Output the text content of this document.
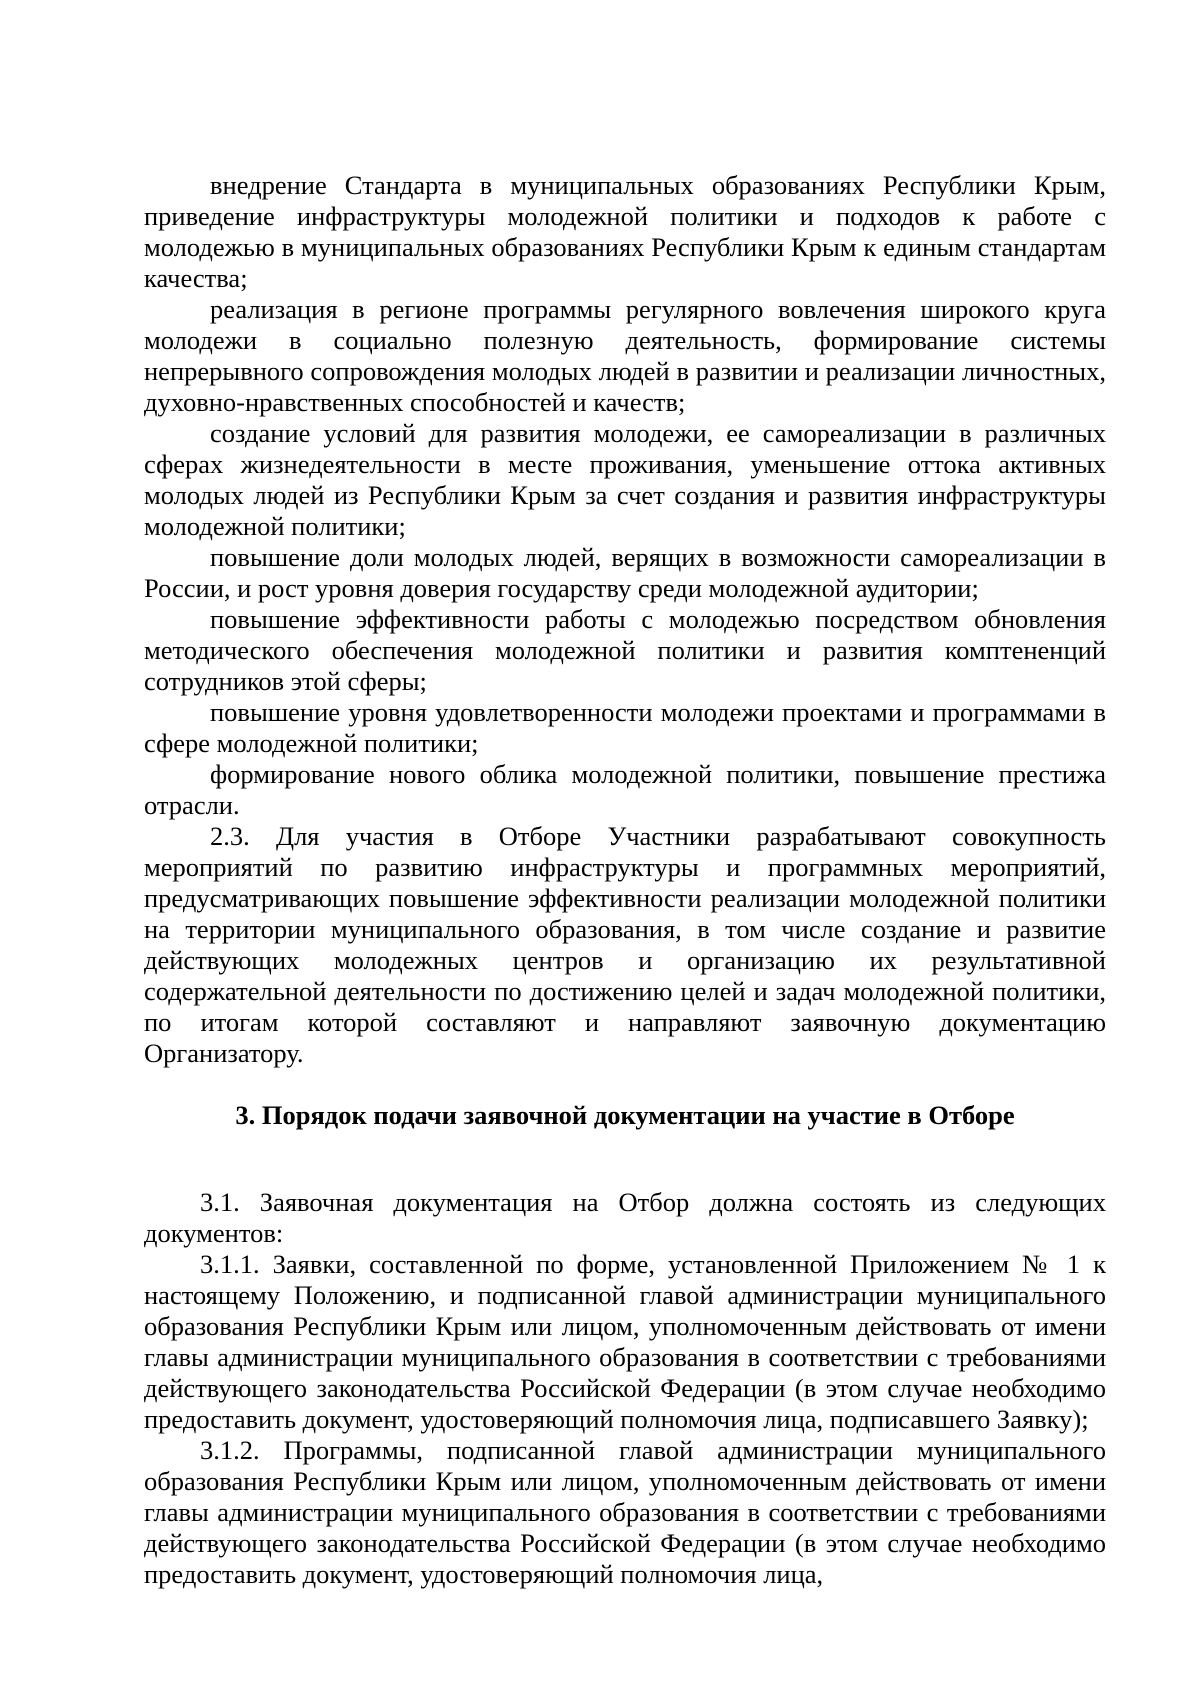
внедрение Стандарта в муниципальных образованиях Республики Крым, приведение инфраструктуры молодежной политики и подходов к работе с молодежью в муниципальных образованиях Республики Крым к единым стандартам качества;

реализация в регионе программы регулярного вовлечения широкого круга молодежи в социально полезную деятельность, формирование системы непрерывного сопровождения молодых людей в развитии и реализации личностных, духовно-нравственных способностей и качеств;

создание условий для развития молодежи, ее самореализации в различных сферах жизнедеятельности в месте проживания, уменьшение оттока активных молодых людей из Республики Крым за счет создания и развития инфраструктуры молодежной политики;

повышение доли молодых людей, верящих в возможности самореализации в России, и рост уровня доверия государству среди молодежной аудитории;

повышение эффективности работы с молодежью посредством обновления методического обеспечения молодежной политики и развития комптененций сотрудников этой сферы;

повышение уровня удовлетворенности молодежи проектами и программами в сфере молодежной политики;

формирование нового облика молодежной политики, повышение престижа отрасли.

2.3. Для участия в Отборе Участники разрабатывают совокупность мероприятий по развитию инфраструктуры и программных мероприятий, предусматривающих повышение эффективности реализации молодежной политики на территории муниципального образования, в том числе создание и развитие действующих молодежных центров и организацию их результативной содержательной деятельности по достижению целей и задач молодежной политики, по итогам которой составляют и направляют заявочную документацию Организатору.

3. Порядок подачи заявочной документации на участие в Отборе

3.1. Заявочная документация на Отбор должна состоять из следующих документов:

3.1.1. Заявки, составленной по форме, установленной Приложением № 1 к настоящему Положению, и подписанной главой администрации муниципального образования Республики Крым или лицом, уполномоченным действовать от имени главы администрации муниципального образования в соответствии с требованиями действующего законодательства Российской Федерации (в этом случае необходимо предоставить документ, удостоверяющий полномочия лица, подписавшего Заявку);

3.1.2. Программы, подписанной главой администрации муниципального образования Республики Крым или лицом, уполномоченным действовать от имени главы администрации муниципального образования в соответствии с требованиями действующего законодательства Российской Федерации (в этом случае необходимо предоставить документ, удостоверяющий полномочия лица,
